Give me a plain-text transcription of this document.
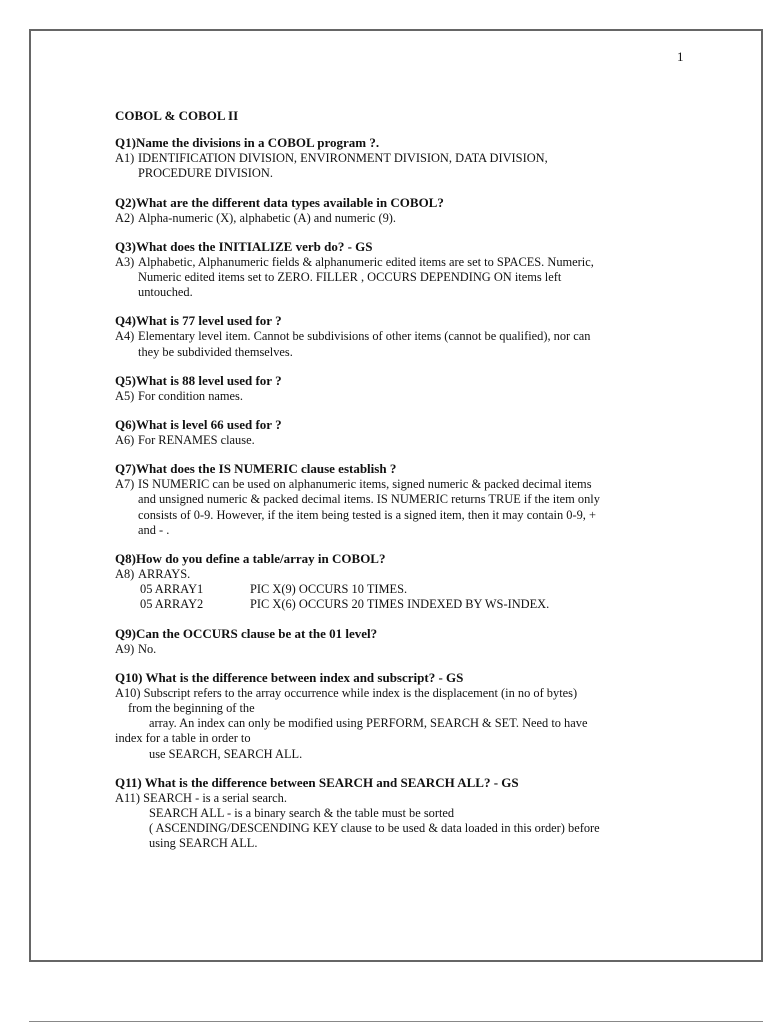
1
COBOL & COBOL II
Q1)Name the divisions in a COBOL program ?.
A1) IDENTIFICATION DIVISION, ENVIRONMENT DIVISION, DATA DIVISION,
PROCEDURE DIVISION.
Q2)What are the different data types available in COBOL?
A2) Alpha-numeric (X), alphabetic (A) and numeric (9).
Q3)What does the INITIALIZE verb do? - GS
A3) Alphabetic, Alphanumeric fields & alphanumeric edited items are set to SPACES. Numeric,
Numeric edited items set to ZERO. FILLER , OCCURS DEPENDING ON items left
untouched.
Q4)What is 77 level used for ?
A4) Elementary level item. Cannot be subdivisions of other items (cannot be qualified), nor can
they be subdivided themselves.
Q5)What is 88 level used for ?
A5) For condition names.
Q6)What is level 66 used for ?
A6) For RENAMES clause.
Q7)What does the IS NUMERIC clause establish ?
A7) IS NUMERIC can be used on alphanumeric items, signed numeric & packed decimal items
and unsigned numeric & packed decimal items. IS NUMERIC returns TRUE if the item only
consists of 0-9. However, if the item being tested is a signed item, then it may contain 0-9, +
and - .
Q8)How do you define a table/array in COBOL?
A8) ARRAYS.
05 ARRAY1	PIC X(9) OCCURS 10 TIMES.
05 ARRAY2	PIC X(6) OCCURS 20 TIMES INDEXED BY WS-INDEX.
Q9)Can the OCCURS clause be at the 01 level?
A9) No.
Q10) What is the difference between index and subscript? - GS
A10) Subscript refers to the array occurrence while index is the displacement (in no of bytes)
from the beginning of the
array. An index can only be modified using PERFORM, SEARCH & SET. Need to have
index for a table in order to
use SEARCH, SEARCH ALL.
Q11) What is the difference between SEARCH and SEARCH ALL? - GS
A11) SEARCH - is a serial search.
SEARCH ALL - is a binary search & the table must be sorted
( ASCENDING/DESCENDING KEY clause to be used & data loaded in this order) before
using SEARCH ALL.
